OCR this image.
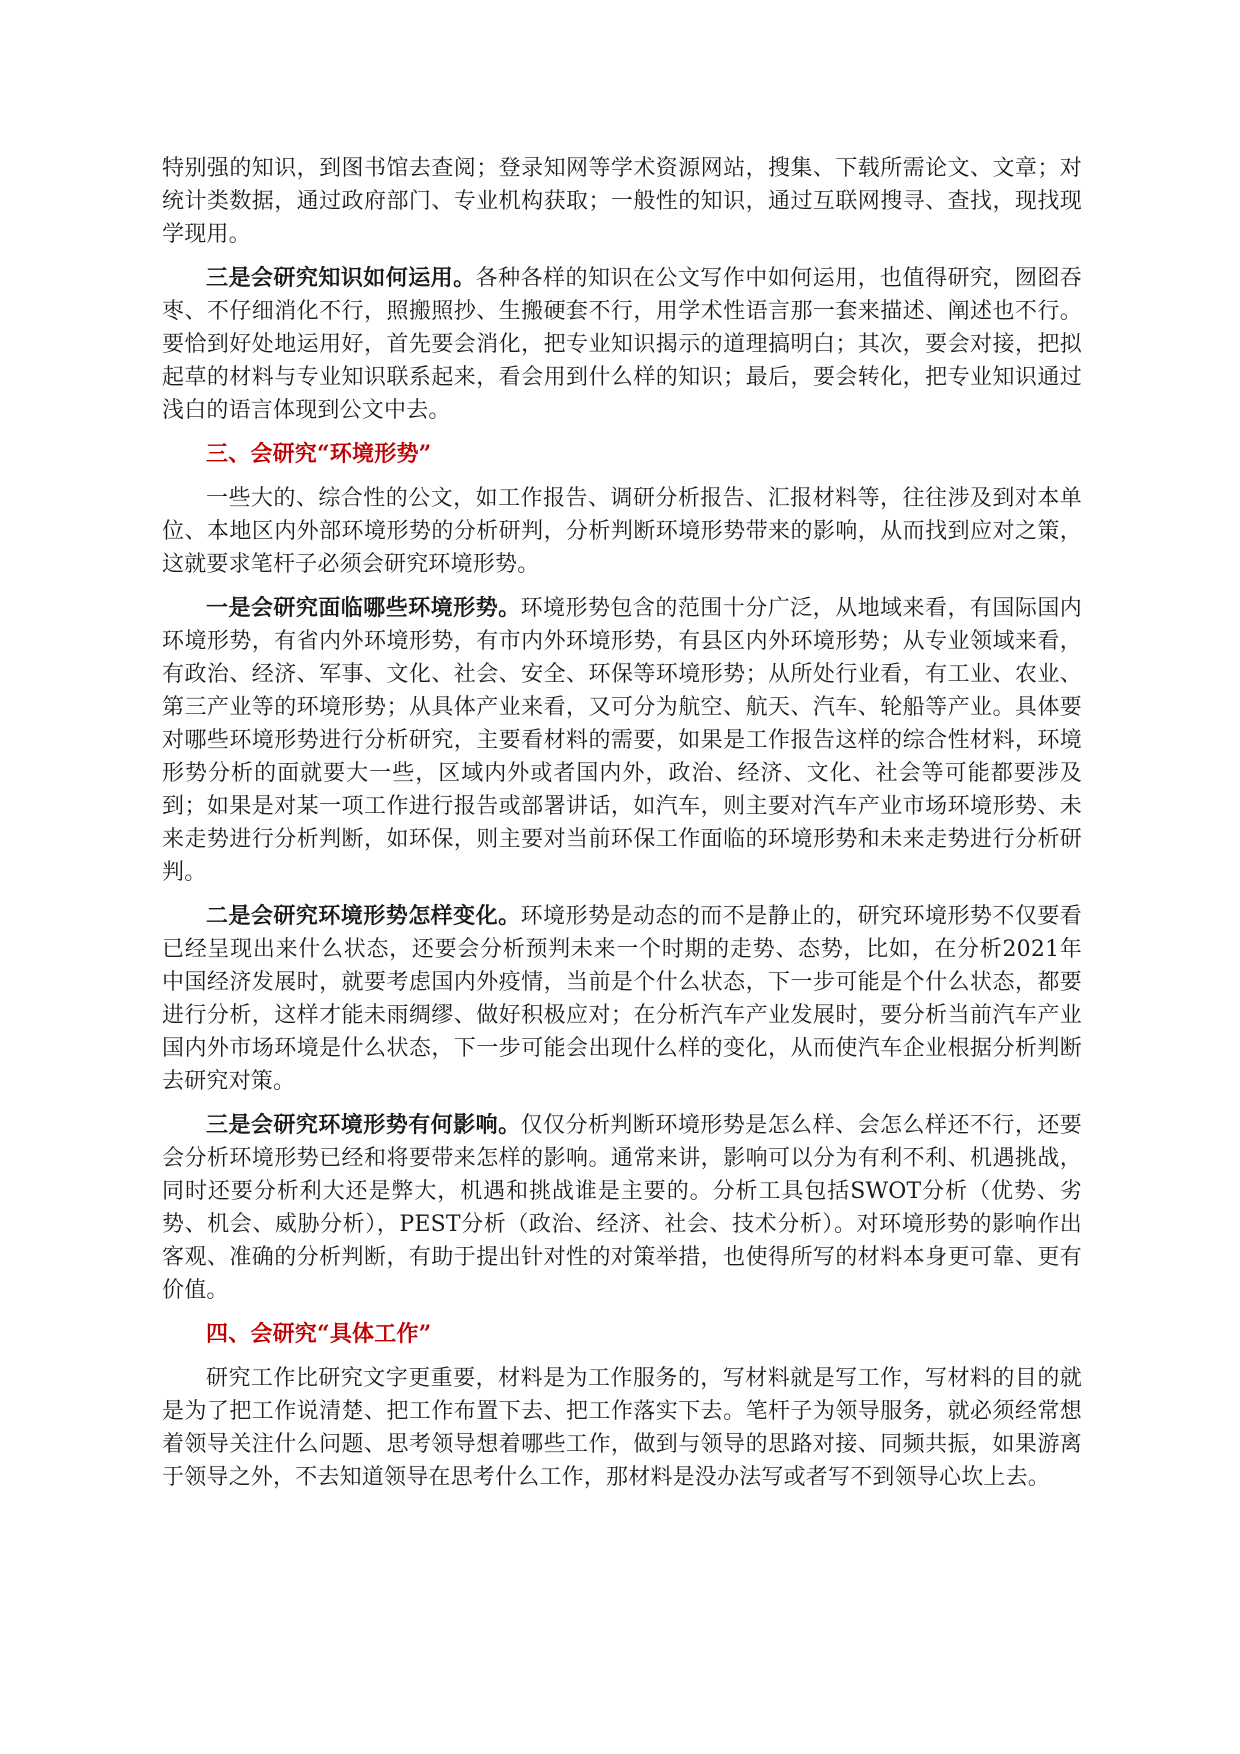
特别强的知识，到图书馆去查阅；登录知网等学术资源网站，搜集、下载所需论文、文章；对统计类数据，通过政府部门、专业机构获取；一般性的知识，通过互联网搜寻、查找，现找现学现用。

三是会研究知识如何运用。各种各样的知识在公文写作中如何运用，也值得研究，囫囵吞枣、不仔细消化不行，照搬照抄、生搬硬套不行，用学术性语言那一套来描述、阐述也不行。要恰到好处地运用好，首先要会消化，把专业知识揭示的道理搞明白；其次，要会对接，把拟起草的材料与专业知识联系起来，看会用到什么样的知识；最后，要会转化，把专业知识通过浅白的语言体现到公文中去。

三、会研究“环境形势”

一些大的、综合性的公文，如工作报告、调研分析报告、汇报材料等，往往涉及到对本单位、本地区内外部环境形势的分析研判，分析判断环境形势带来的影响，从而找到应对之策，这就要求笔杆子必须会研究环境形势。

一是会研究面临哪些环境形势。环境形势包含的范围十分广泛，从地域来看，有国际国内环境形势，有省内外环境形势，有市内外环境形势，有县区内外环境形势；从专业领域来看，有政治、经济、军事、文化、社会、安全、环保等环境形势；从所处行业看，有工业、农业、第三产业等的环境形势；从具体产业来看，又可分为航空、航天、汽车、轮船等产业。具体要对哪些环境形势进行分析研究，主要看材料的需要，如果是工作报告这样的综合性材料，环境形势分析的面就要大一些，区域内外或者国内外，政治、经济、文化、社会等可能都要涉及到；如果是对某一项工作进行报告或部署讲话，如汽车，则主要对汽车产业市场环境形势、未来走势进行分析判断，如环保，则主要对当前环保工作面临的环境形势和未来走势进行分析研判。

二是会研究环境形势怎样变化。环境形势是动态的而不是静止的，研究环境形势不仅要看已经呈现出来什么状态，还要会分析预判未来一个时期的走势、态势，比如，在分析2021年中国经济发展时，就要考虑国内外疫情，当前是个什么状态，下一步可能是个什么状态，都要进行分析，这样才能未雨绸缪、做好积极应对；在分析汽车产业发展时，要分析当前汽车产业国内外市场环境是什么状态，下一步可能会出现什么样的变化，从而使汽车企业根据分析判断去研究对策。

三是会研究环境形势有何影响。仅仅分析判断环境形势是怎么样、会怎么样还不行，还要会分析环境形势已经和将要带来怎样的影响。通常来讲，影响可以分为有利不利、机遇挑战，同时还要分析利大还是弊大，机遇和挑战谁是主要的。分析工具包括SWOT分析（优势、劣势、机会、威胁分析），PEST分析（政治、经济、社会、技术分析）。对环境形势的影响作出客观、准确的分析判断，有助于提出针对性的对策举措，也使得所写的材料本身更可靠、更有价值。

四、会研究“具体工作”

研究工作比研究文字更重要，材料是为工作服务的，写材料就是写工作，写材料的目的就是为了把工作说清楚、把工作布置下去、把工作落实下去。笔杆子为领导服务，就必须经常想着领导关注什么问题、思考领导想着哪些工作，做到与领导的思路对接、同频共振，如果游离于领导之外，不去知道领导在思考什么工作，那材料是没办法写或者写不到领导心坎上去。
